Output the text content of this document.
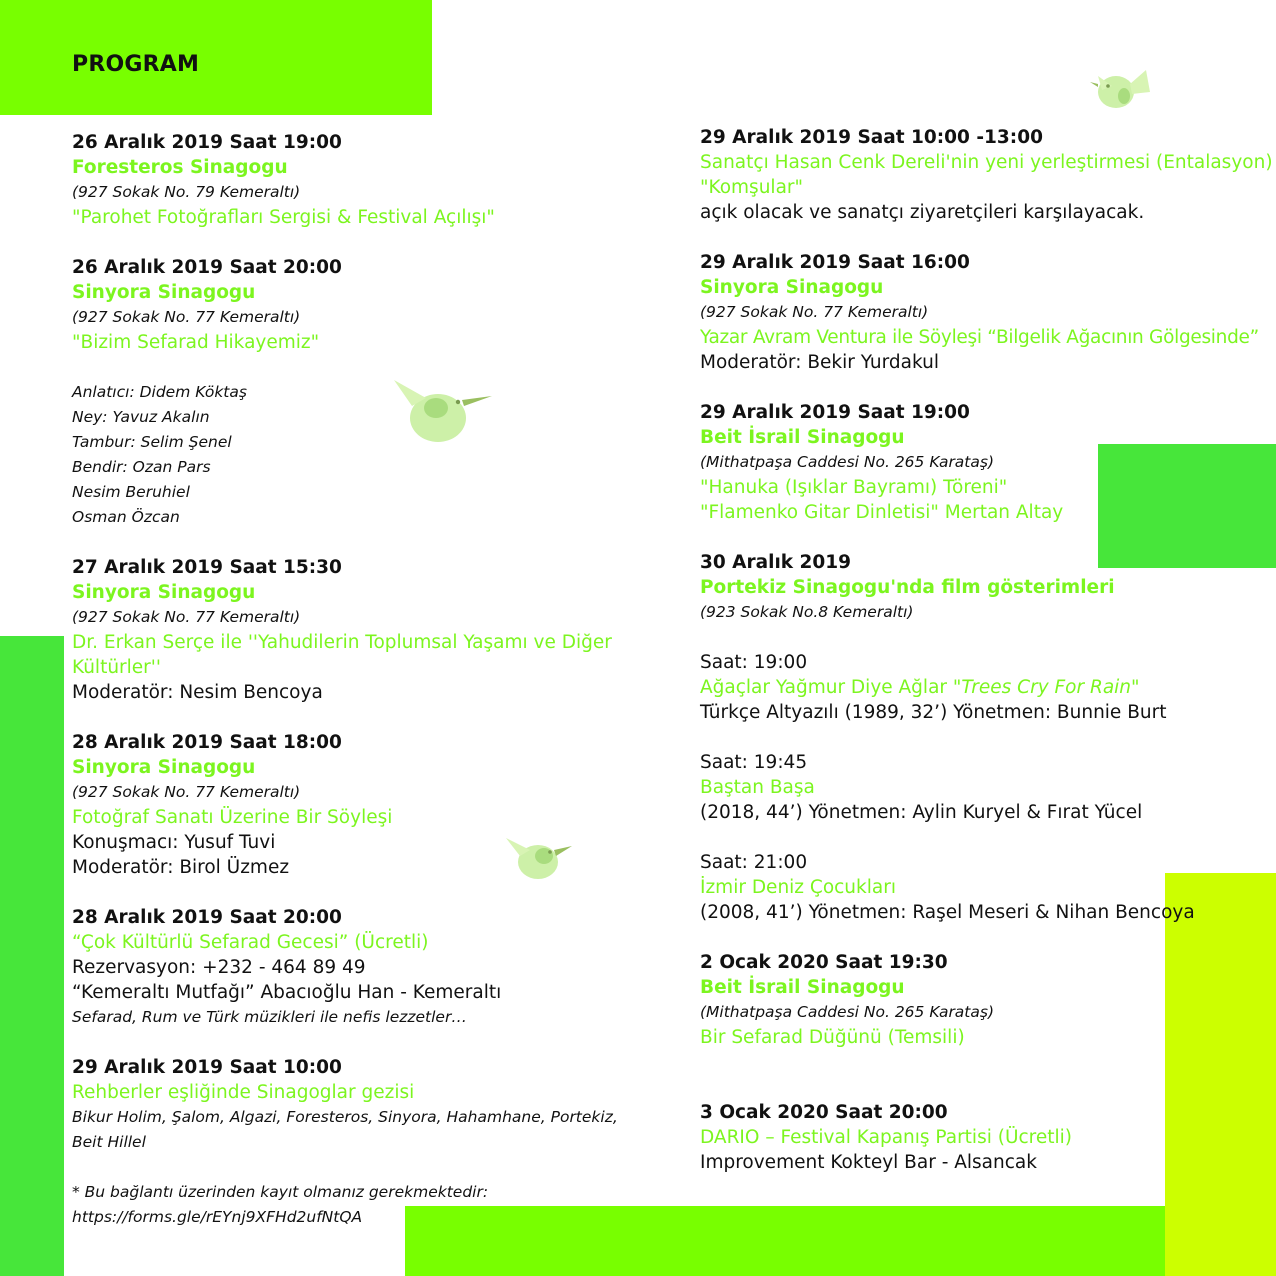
PROGRAM
26 Aralık 2019 Saat 19:00
Foresteros Sinagogu
(927 Sokak No. 79 Kemeraltı)
"Parohet Fotoğrafları Sergisi & Festival Açılışı"
26 Aralık 2019 Saat 20:00
Sinyora Sinagogu
(927 Sokak No. 77 Kemeraltı)
"Bizim Sefarad Hikayemiz"
Anlatıcı: Didem Köktaş
Ney: Yavuz Akalın
Tambur: Selim Şenel
Bendir: Ozan Pars
Nesim Beruhiel
Osman Özcan
27 Aralık 2019 Saat 15:30
Sinyora Sinagogu
(927 Sokak No. 77 Kemeraltı)
Dr. Erkan Serçe ile ''Yahudilerin Toplumsal Yaşamı ve Diğer
Kültürler''
Moderatör: Nesim Bencoya
28 Aralık 2019 Saat 18:00
Sinyora Sinagogu
(927 Sokak No. 77 Kemeraltı)
Fotoğraf Sanatı Üzerine Bir Söyleşi
Konuşmacı: Yusuf Tuvi
Moderatör: Birol Üzmez
28 Aralık 2019 Saat 20:00
“Çok Kültürlü Sefarad Gecesi” (Ücretli)
Rezervasyon: +232 - 464 89 49
“Kemeraltı Mutfağı” Abacıoğlu Han - Kemeraltı
Sefarad, Rum ve Türk müzikleri ile nefis lezzetler…
29 Aralık 2019 Saat 10:00
Rehberler eşliğinde Sinagoglar gezisi
Bikur Holim, Şalom, Algazi, Foresteros, Sinyora, Hahamhane, Portekiz,
Beit Hillel
* Bu bağlantı üzerinden kayıt olmanız gerekmektedir:
https://forms.gle/rEYnj9XFHd2ufNtQA
29 Aralık 2019 Saat 10:00 -13:00
Sanatçı Hasan Cenk Dereli'nin yeni yerleştirmesi (Entalasyon)
"Komşular"
açık olacak ve sanatçı ziyaretçileri karşılayacak.
29 Aralık 2019 Saat 16:00
Sinyora Sinagogu
(927 Sokak No. 77 Kemeraltı)
Yazar Avram Ventura ile Söyleşi “Bilgelik Ağacının Gölgesinde”
Moderatör: Bekir Yurdakul
29 Aralık 2019 Saat 19:00
Beit İsrail Sinagogu
(Mithatpaşa Caddesi No. 265 Karataş)
"Hanuka (Işıklar Bayramı) Töreni"
"Flamenko Gitar Dinletisi" Mertan Altay
30 Aralık 2019
Portekiz Sinagogu'nda film gösterimleri
(923 Sokak No.8 Kemeraltı)
Saat: 19:00
Ağaçlar Yağmur Diye Ağlar "Trees Cry For Rain"
Türkçe Altyazılı (1989, 32’) Yönetmen: Bunnie Burt
Saat: 19:45
Baştan Başa
(2018, 44’) Yönetmen: Aylin Kuryel & Fırat Yücel
Saat: 21:00
İzmir Deniz Çocukları
(2008, 41’) Yönetmen: Raşel Meseri & Nihan Bencoya
2 Ocak 2020 Saat 19:30
Beit İsrail Sinagogu
(Mithatpaşa Caddesi No. 265 Karataş)
Bir Sefarad Düğünü (Temsili)
3 Ocak 2020 Saat 20:00
DARIO – Festival Kapanış Partisi (Ücretli)
Improvement Kokteyl Bar - Alsancak
